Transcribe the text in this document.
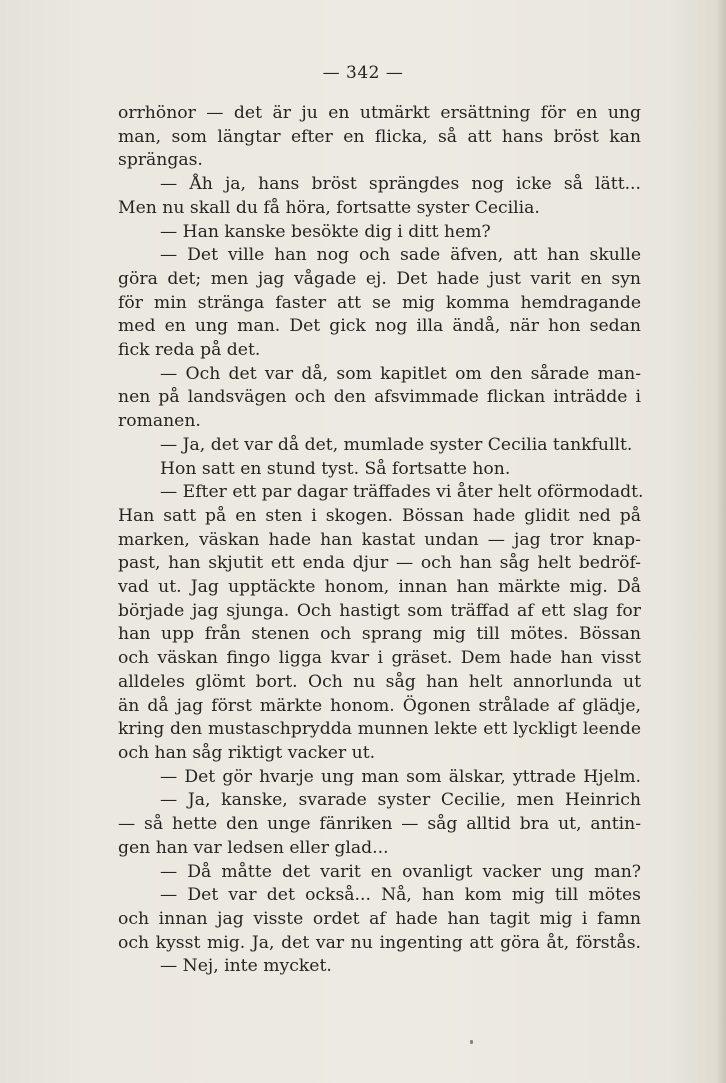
— 342 —
orrhönor — det är ju en utmärkt ersättning för en ung
man, som längtar efter en flicka, så att hans bröst kan
sprängas.
— Åh ja, hans bröst sprängdes nog icke så lätt...
Men nu skall du få höra, fortsatte syster Cecilia.
— Han kanske besökte dig i ditt hem?
— Det ville han nog och sade äfven, att han skulle
göra det; men jag vågade ej. Det hade just varit en syn
för min stränga faster att se mig komma hemdragande
med en ung man. Det gick nog illa ändå, när hon sedan
fick reda på det.
— Och det var då, som kapitlet om den sårade man-
nen på landsvägen och den afsvimmade flickan inträdde i
romanen.
— Ja, det var då det, mumlade syster Cecilia tankfullt.
Hon satt en stund tyst. Så fortsatte hon.
— Efter ett par dagar träffades vi åter helt oförmodadt.
Han satt på en sten i skogen. Bössan hade glidit ned på
marken, väskan hade han kastat undan — jag tror knap-
past, han skjutit ett enda djur — och han såg helt bedröf-
vad ut. Jag upptäckte honom, innan han märkte mig. Då
började jag sjunga. Och hastigt som träffad af ett slag for
han upp från stenen och sprang mig till mötes. Bössan
och väskan fingo ligga kvar i gräset. Dem hade han visst
alldeles glömt bort. Och nu såg han helt annorlunda ut
än då jag först märkte honom. Ögonen strålade af glädje,
kring den mustaschprydda munnen lekte ett lyckligt leende
och han såg riktigt vacker ut.
— Det gör hvarje ung man som älskar, yttrade Hjelm.
— Ja, kanske, svarade syster Cecilie, men Heinrich
— så hette den unge fänriken — såg alltid bra ut, antin-
gen han var ledsen eller glad...
— Då måtte det varit en ovanligt vacker ung man?
— Det var det också... Nå, han kom mig till mötes
och innan jag visste ordet af hade han tagit mig i famn
och kysst mig. Ja, det var nu ingenting att göra åt, förstås.
— Nej, inte mycket.
